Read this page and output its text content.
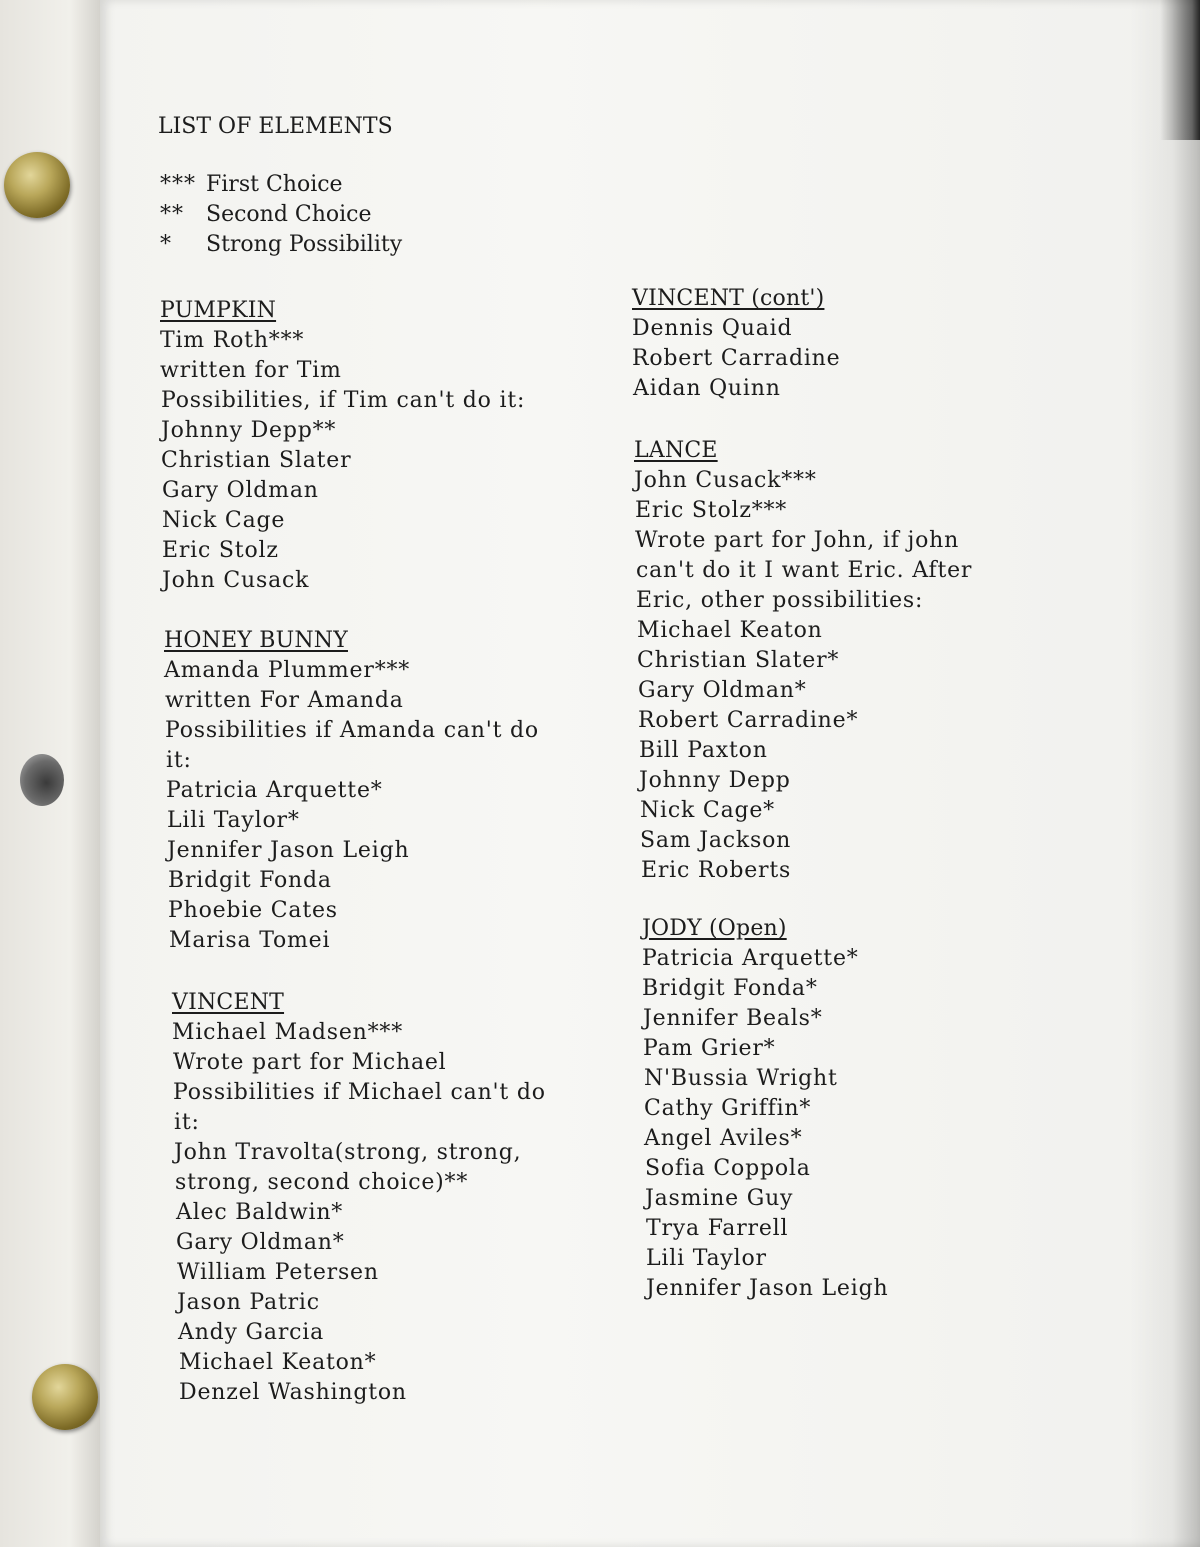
LIST OF ELEMENTS
*** First Choice
** Second Choice
* Strong Possibility
PUMPKIN
Tim Roth***
written for Tim
Possibilities, if Tim can't do it:
Johnny Depp**
Christian Slater
Gary Oldman
Nick Cage
Eric Stolz
John Cusack
HONEY BUNNY
Amanda Plummer***
written For Amanda
Possibilities if Amanda can't do
it:
Patricia Arquette*
Lili Taylor*
Jennifer Jason Leigh
Bridgit Fonda
Phoebie Cates
Marisa Tomei
VINCENT
Michael Madsen***
Wrote part for Michael
Possibilities if Michael can't do
it:
John Travolta(strong, strong,
strong, second choice)**
Alec Baldwin*
Gary Oldman*
William Petersen
Jason Patric
Andy Garcia
Michael Keaton*
Denzel Washington
VINCENT (cont')
Dennis Quaid
Robert Carradine
Aidan Quinn
LANCE
John Cusack***
Eric Stolz***
Wrote part for John, if john
can't do it I want Eric. After
Eric, other possibilities:
Michael Keaton
Christian Slater*
Gary Oldman*
Robert Carradine*
Bill Paxton
Johnny Depp
Nick Cage*
Sam Jackson
Eric Roberts
JODY (Open)
Patricia Arquette*
Bridgit Fonda*
Jennifer Beals*
Pam Grier*
N'Bussia Wright
Cathy Griffin*
Angel Aviles*
Sofia Coppola
Jasmine Guy
Trya Farrell
Lili Taylor
Jennifer Jason Leigh
